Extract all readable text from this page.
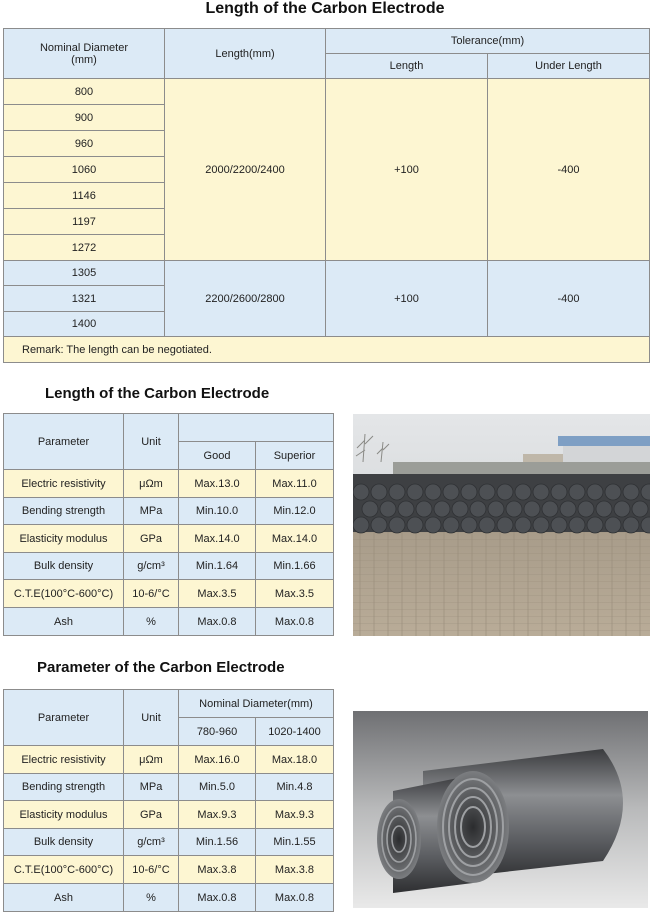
Length of the Carbon Electrode
Nominal Diameter
(mm)	Length(mm)	Tolerance(mm)	
		Length	Under Length
800	2000/2200/2400	+100	-400
900			
960			
1060			
1146			
1197			
1272			
1305	2200/2600/2800	+100	-400
1321			
1400			
Remark: The length can be negotiated.			
Length of the Carbon Electrode
Parameter	Unit		
		Good	Superior
Electric resistivity	μΩm	Max.13.0	Max.11.0
Bending strength	MPa	Min.10.0	Min.12.0
Elasticity modulus	GPa	Max.14.0	Max.14.0
Bulk density	g/cm³	Min.1.64	Min.1.66
C.T.E(100°C-600°C)	10-6/°C	Max.3.5	Max.3.5
Ash	%	Max.0.8	Max.0.8
Parameter of the Carbon Electrode
Parameter	Unit	Nominal Diameter(mm)	
		780-960	1020-1400
Electric resistivity	μΩm	Max.16.0	Max.18.0
Bending strength	MPa	Min.5.0	Min.4.8
Elasticity modulus	GPa	Max.9.3	Max.9.3
Bulk density	g/cm³	Min.1.56	Min.1.55
C.T.E(100°C-600°C)	10-6/°C	Max.3.8	Max.3.8
Ash	%	Max.0.8	Max.0.8
